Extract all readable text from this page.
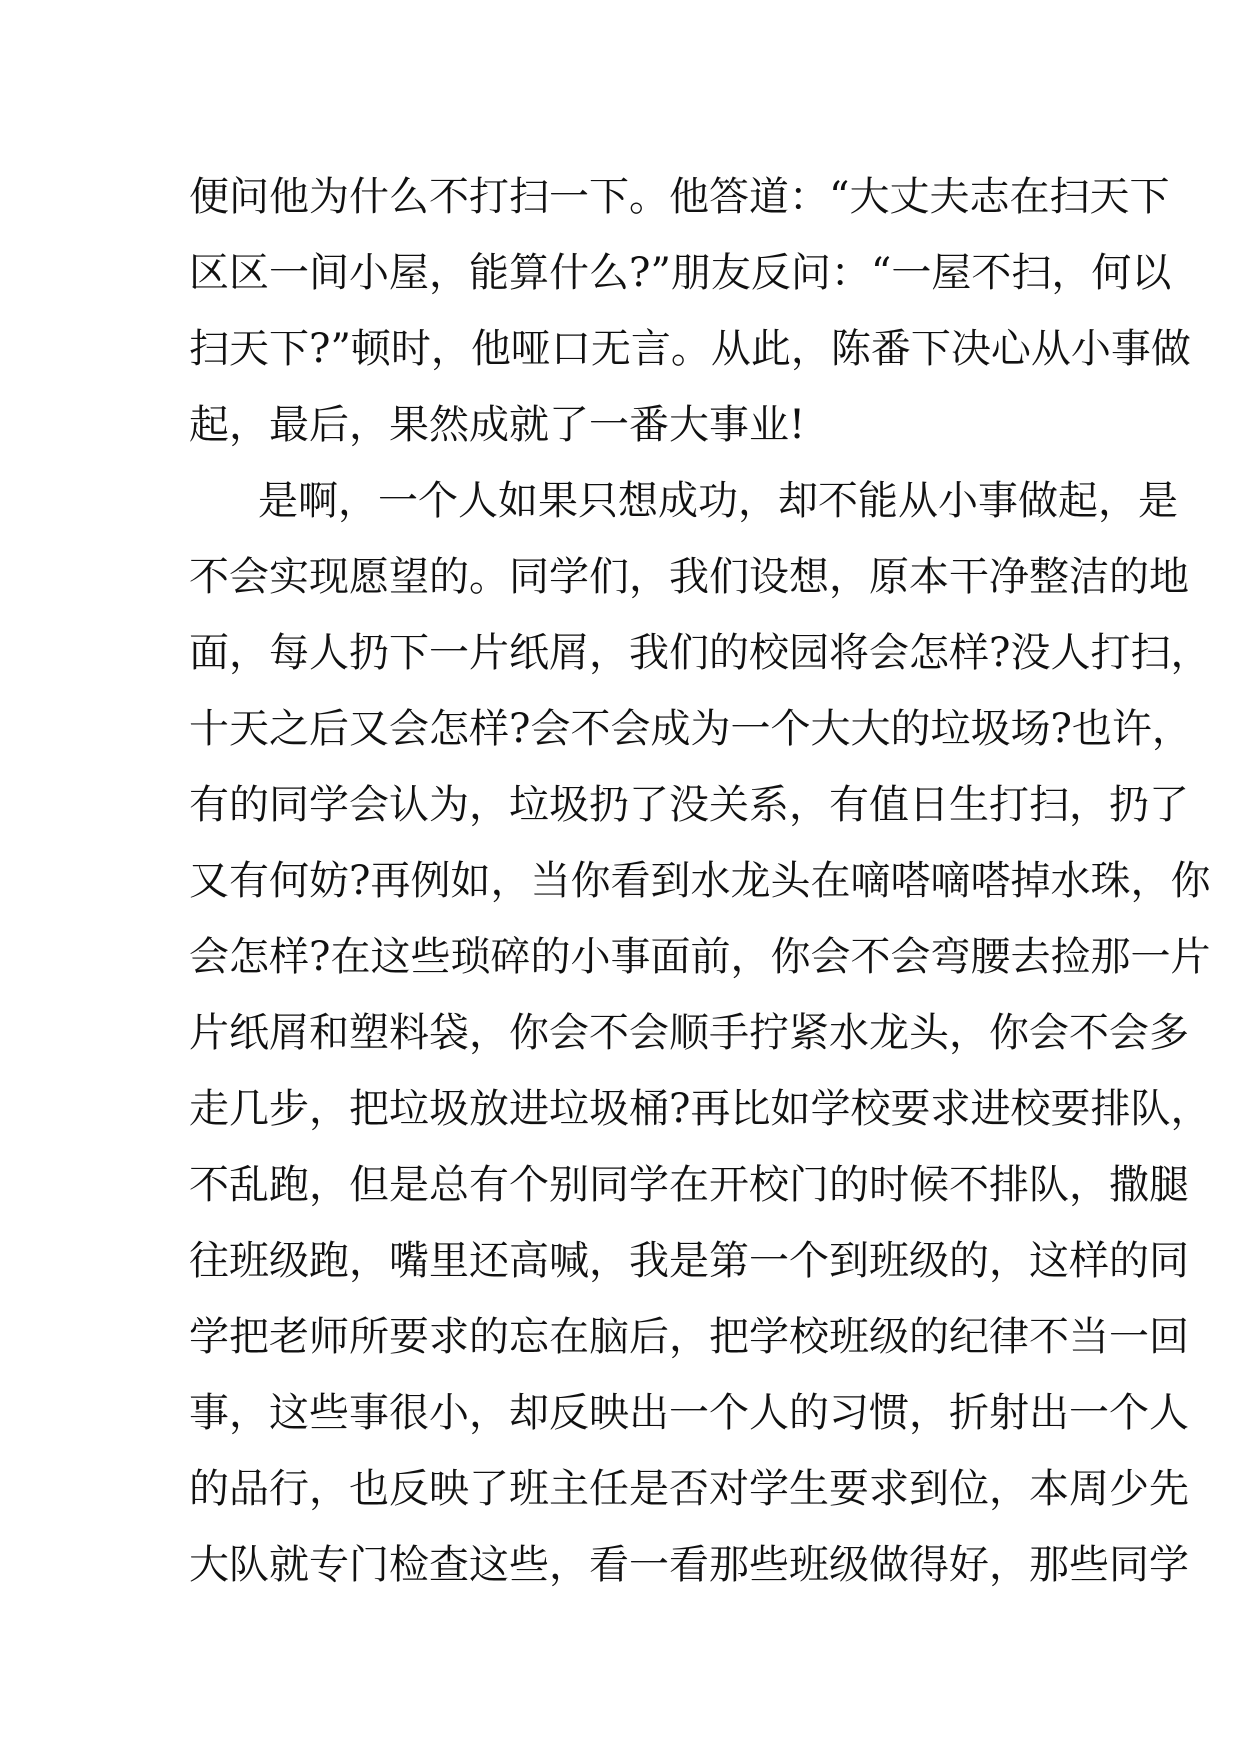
便问他为什么不打扫一下。他答道：“大丈夫志在扫天下
区区一间小屋，能算什么?”朋友反问：“一屋不扫，何以
扫天下?”顿时，他哑口无言。从此，陈番下决心从小事做
起，最后，果然成就了一番大事业!
是啊，一个人如果只想成功，却不能从小事做起，是
不会实现愿望的。同学们，我们设想，原本干净整洁的地
面，每人扔下一片纸屑，我们的校园将会怎样?没人打扫，
十天之后又会怎样?会不会成为一个大大的垃圾场?也许，
有的同学会认为，垃圾扔了没关系，有值日生打扫，扔了
又有何妨?再例如，当你看到水龙头在嘀嗒嘀嗒掉水珠，你
会怎样?在这些琐碎的小事面前，你会不会弯腰去捡那一片
片纸屑和塑料袋，你会不会顺手拧紧水龙头，你会不会多
走几步，把垃圾放进垃圾桶?再比如学校要求进校要排队，
不乱跑，但是总有个别同学在开校门的时候不排队，撒腿
往班级跑，嘴里还高喊，我是第一个到班级的，这样的同
学把老师所要求的忘在脑后，把学校班级的纪律不当一回
事，这些事很小，却反映出一个人的习惯，折射出一个人
的品行，也反映了班主任是否对学生要求到位，本周少先
大队就专门检查这些，看一看那些班级做得好，那些同学
